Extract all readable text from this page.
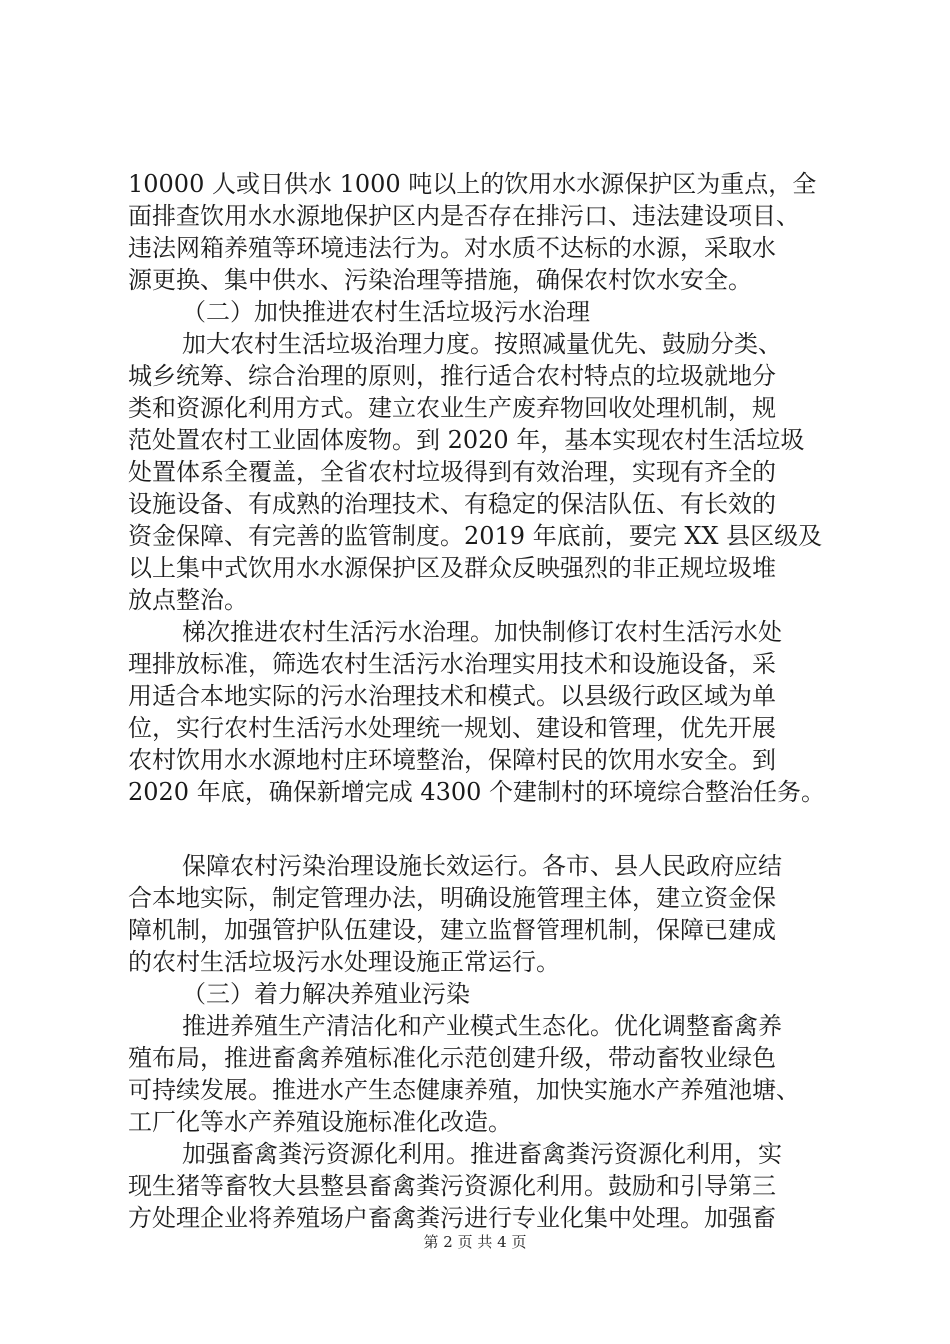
10000 人或日供水 1000 吨以上的饮用水水源保护区为重点，全
面排查饮用水水源地保护区内是否存在排污口、违法建设项目、
违法网箱养殖等环境违法行为。对水质不达标的水源，采取水
源更换、集中供水、污染治理等措施，确保农村饮水安全。
（二）加快推进农村生活垃圾污水治理
加大农村生活垃圾治理力度。按照减量优先、鼓励分类、
城乡统筹、综合治理的原则，推行适合农村特点的垃圾就地分
类和资源化利用方式。建立农业生产废弃物回收处理机制，规
范处置农村工业固体废物。到 2020 年，基本实现农村生活垃圾
处置体系全覆盖，全省农村垃圾得到有效治理，实现有齐全的
设施设备、有成熟的治理技术、有稳定的保洁队伍、有长效的
资金保障、有完善的监管制度。2019 年底前，要完 XX 县区级及
以上集中式饮用水水源保护区及群众反映强烈的非正规垃圾堆
放点整治。
梯次推进农村生活污水治理。加快制修订农村生活污水处
理排放标准，筛选农村生活污水治理实用技术和设施设备，采
用适合本地实际的污水治理技术和模式。以县级行政区域为单
位，实行农村生活污水处理统一规划、建设和管理，优先开展
农村饮用水水源地村庄环境整治，保障村民的饮用水安全。到
2020 年底，确保新增完成 4300 个建制村的环境综合整治任务。
保障农村污染治理设施长效运行。各市、县人民政府应结
合本地实际，制定管理办法，明确设施管理主体，建立资金保
障机制，加强管护队伍建设，建立监督管理机制，保障已建成
的农村生活垃圾污水处理设施正常运行。
（三）着力解决养殖业污染
推进养殖生产清洁化和产业模式生态化。优化调整畜禽养
殖布局，推进畜禽养殖标准化示范创建升级，带动畜牧业绿色
可持续发展。推进水产生态健康养殖，加快实施水产养殖池塘、
工厂化等水产养殖设施标准化改造。
加强畜禽粪污资源化利用。推进畜禽粪污资源化利用，实
现生猪等畜牧大县整县畜禽粪污资源化利用。鼓励和引导第三
方处理企业将养殖场户畜禽粪污进行专业化集中处理。加强畜
第 2 页 共 4 页
